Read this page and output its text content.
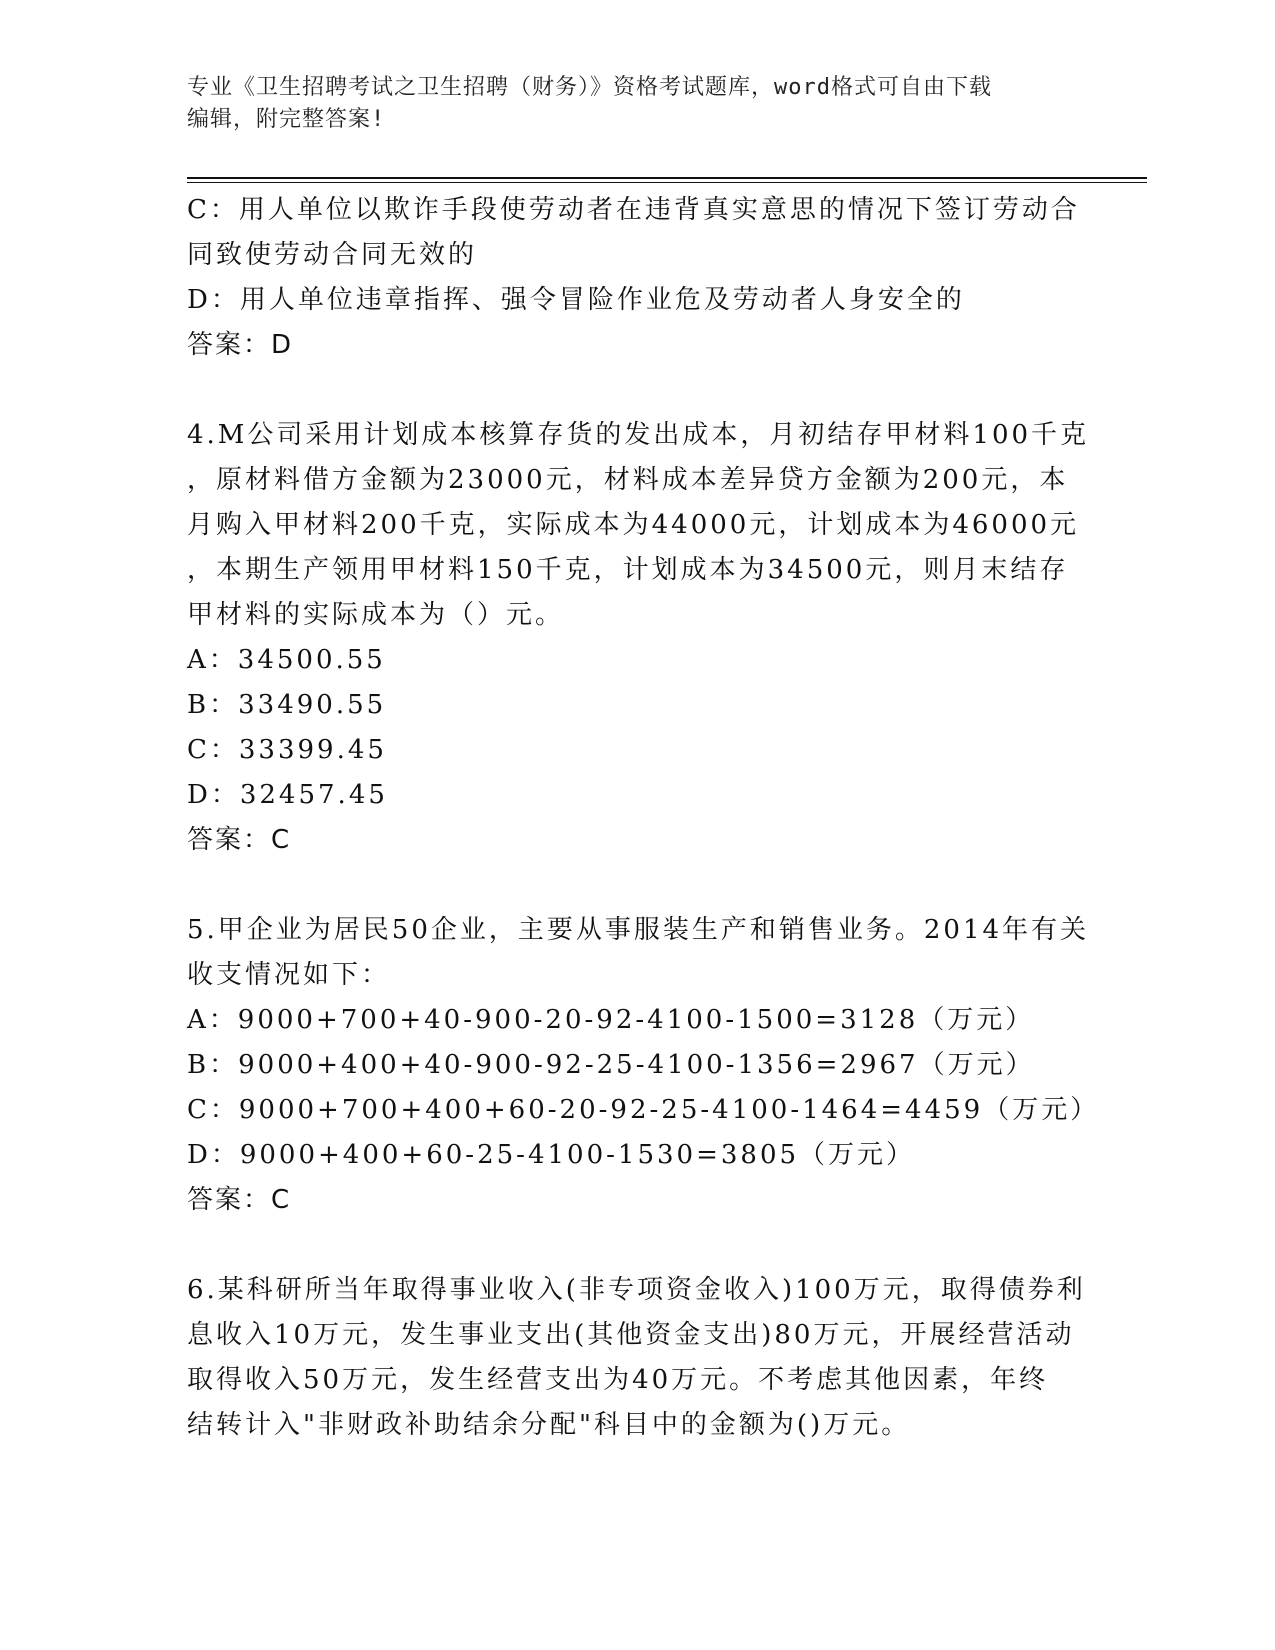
专业《卫生招聘考试之卫生招聘（财务）》资格考试题库，word格式可自由下载
编辑，附完整答案!
C：用人单位以欺诈手段使劳动者在违背真实意思的情况下签订劳动合
同致使劳动合同无效的
D：用人单位违章指挥、强令冒险作业危及劳动者人身安全的
答案：D
4.M公司采用计划成本核算存货的发出成本，月初结存甲材料100千克
，原材料借方金额为23000元，材料成本差异贷方金额为200元，本
月购入甲材料200千克，实际成本为44000元，计划成本为46000元
，本期生产领用甲材料150千克，计划成本为34500元，则月末结存
甲材料的实际成本为（）元。
A：34500.55
B：33490.55
C：33399.45
D：32457.45
答案：C
5.甲企业为居民50企业，主要从事服装生产和销售业务。2014年有关
收支情况如下：
A：9000+700+40-900-20-92-4100-1500=3128（万元）
B：9000+400+40-900-92-25-4100-1356=2967（万元）
C：9000+700+400+60-20-92-25-4100-1464=4459（万元）
D：9000+400+60-25-4100-1530=3805（万元）
答案：C
6.某科研所当年取得事业收入(非专项资金收入)100万元，取得债券利
息收入10万元，发生事业支出(其他资金支出)80万元，开展经营活动
取得收入50万元，发生经营支出为40万元。不考虑其他因素，年终
结转计入"非财政补助结余分配"科目中的金额为()万元。
